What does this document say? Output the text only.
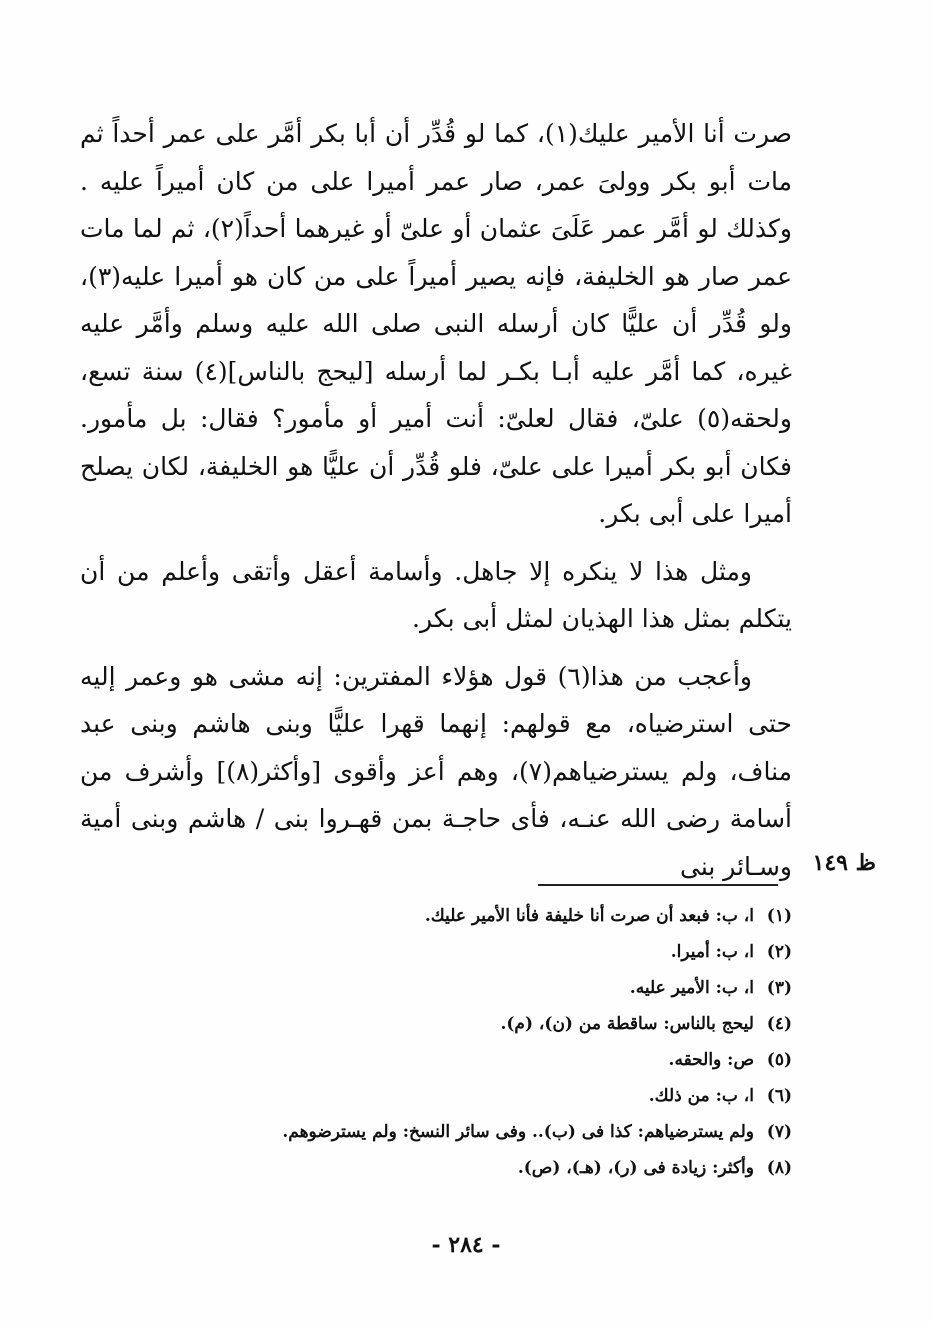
صرت أنا الأمير عليك(١)، كما لو قُدِّر أن أبا بكر أمَّر على عمر أحداً ثم مات أبو بكر وولىَ عمر، صار عمر أميرا على من كان أميراً عليه . وكذلك لو أمَّر عمر عَلَىَ عثمان أو علىّ أو غيرهما أحداً(٢)، ثم لما مات عمر صار هو الخليفة، فإنه يصير أميراً على من كان هو أميرا عليه(٣)، ولو قُدِّر أن عليًّا كان أرسله النبى صلى الله عليه وسلم وأمَّر عليه غيره، كما أمَّر عليه أبـا بكـر لما أرسله [ليحج بالناس](٤) سنة تسع، ولحقه(٥) علىّ، فقال لعلىّ: أنت أمير أو مأمور؟ فقال: بل مأمور. فكان أبو بكر أميرا على علىّ، فلو قُدِّر أن عليًّا هو الخليفة، لكان يصلح أميرا على أبى بكر.

ومثل هذا لا ينكره إلا جاهل. وأسامة أعقل وأتقى وأعلم من أن يتكلم بمثل هذا الهذيان لمثل أبى بكر.

وأعجب من هذا(٦) قول هؤلاء المفترين: إنه مشى هو وعمر إليه حتى استرضياه، مع قولهم: إنهما قهرا عليًّا وبنى هاشم وبنى عبد مناف، ولم يسترضياهم(٧)، وهم أعز وأقوى [وأكثر(٨)] وأشرف من أسامة رضى الله عنـه، فأى حاجـة بمن قهـروا بنى / هاشم وبنى أمية وسـائر بنى ظ ١٤٩
(١)ا، ب: فبعد أن صرت أنا خليفة فأنا الأمير عليك.
(٢)ا، ب: أميرا.
(٣)ا، ب: الأمير عليه.
(٤)ليحج بالناس: ساقطة من (ن)، (م).
(٥)ص: والحقه.
(٦)ا، ب: من ذلك.
(٧)ولم يسترضياهم: كذا فى (ب).. وفى سائر النسخ: ولم يسترضوهم.
(٨)وأكثر: زيادة فى (ر)، (هـ)، (ص).
- ٢٨٤ -
